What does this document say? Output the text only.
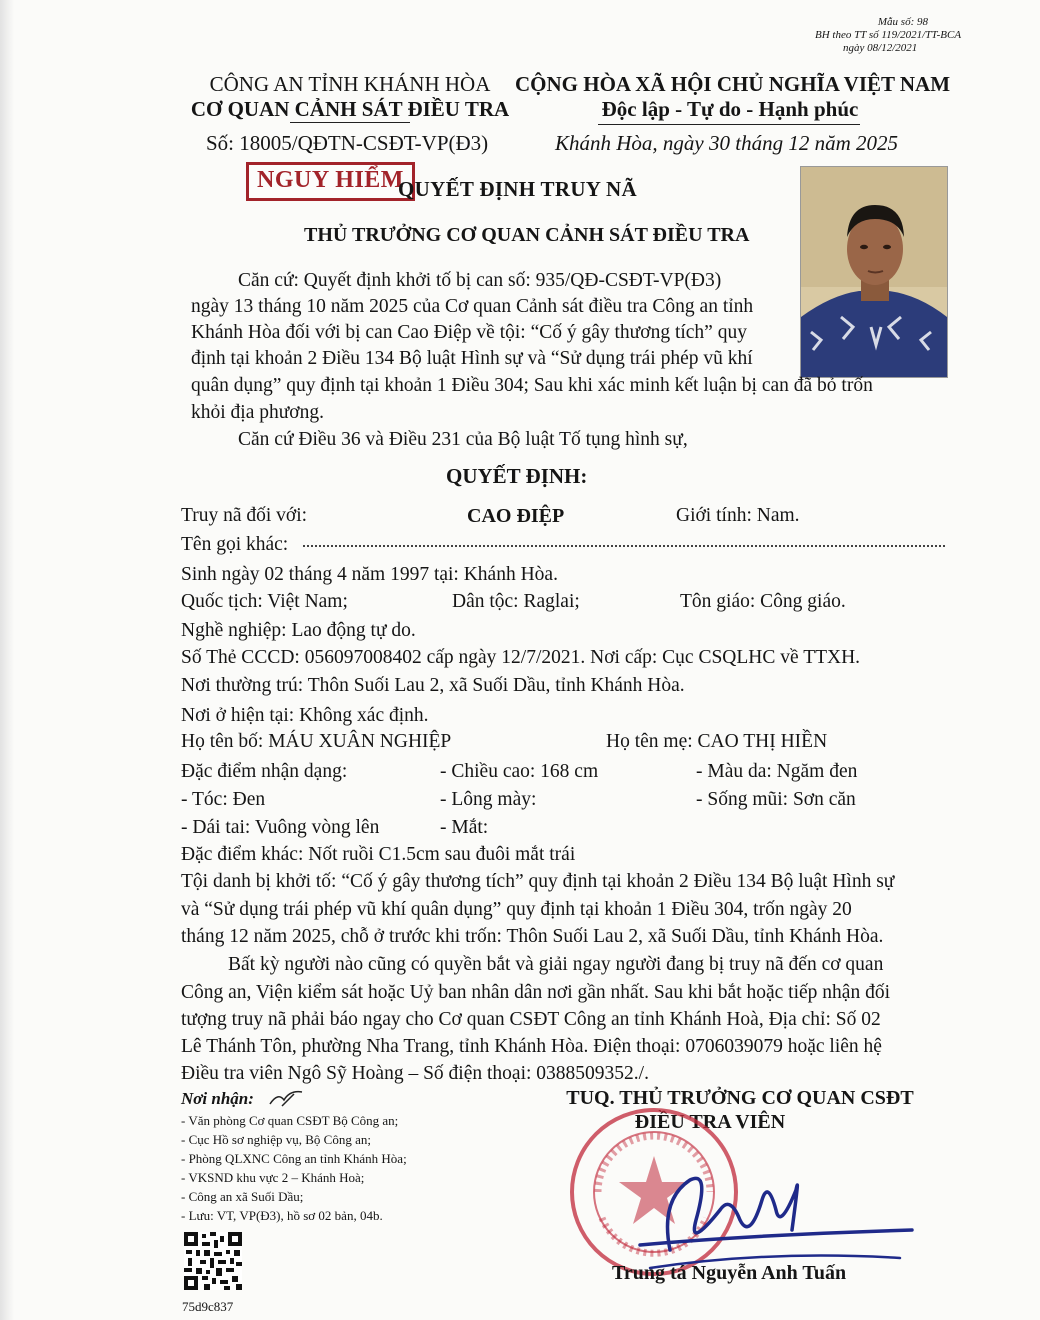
Mẫu số: 98
BH theo TT số 119/2021/TT-BCA
ngày 08/12/2021
CÔNG AN TỈNH KHÁNH HÒA
CƠ QUAN CẢNH SÁT ĐIỀU TRA
Số: 18005/QĐTN-CSĐT-VP(Đ3)
CỘNG HÒA XÃ HỘI CHỦ NGHĨA VIỆT NAM
Độc lập - Tự do - Hạnh phúc
Khánh Hòa, ngày 30 tháng 12 năm 2025
NGUY HIỂM
QUYẾT ĐỊNH TRUY NÃ
THỦ TRƯỞNG CƠ QUAN CẢNH SÁT ĐIỀU TRA
Căn cứ: Quyết định khởi tố bị can số: 935/QĐ-CSĐT-VP(Đ3)
ngày 13 tháng 10 năm 2025 của Cơ quan Cảnh sát điều tra Công an tỉnh
Khánh Hòa đối với bị can Cao Điệp về tội: “Cố ý gây thương tích” quy
định tại khoản 2 Điều 134 Bộ luật Hình sự và “Sử dụng trái phép vũ khí
quân dụng” quy định tại khoản 1 Điều 304; Sau khi xác minh kết luận bị can đã bỏ trốn
khỏi địa phương.
Căn cứ Điều 36 và Điều 231 của Bộ luật Tố tụng hình sự,
QUYẾT ĐỊNH:
Truy nã đối với:	CAO ĐIỆP	Giới tính: Nam.
Tên gọi khác:
Sinh ngày 02 tháng 4 năm 1997 tại: Khánh Hòa.
Quốc tịch: Việt Nam;	Dân tộc: Raglai;	Tôn giáo: Công giáo.
Nghề nghiệp: Lao động tự do.
Số Thẻ CCCD: 056097008402 cấp ngày 12/7/2021. Nơi cấp: Cục CSQLHC về TTXH.
Nơi thường trú: Thôn Suối Lau 2, xã Suối Dầu, tỉnh Khánh Hòa.
Nơi ở hiện tại: Không xác định.
Họ tên bố: MÁU XUÂN NGHIỆP	Họ tên mẹ: CAO THỊ HIỀN
Đặc điểm nhận dạng:	- Chiều cao: 168 cm	- Màu da: Ngăm đen
- Tóc: Đen	- Lông mày:	- Sống mũi: Sơn căn
- Dái tai: Vuông vòng lên	- Mắt:
Đặc điểm khác: Nốt ruồi C1.5cm sau đuôi mắt trái
Tội danh bị khởi tố: “Cố ý gây thương tích” quy định tại khoản 2 Điều 134 Bộ luật Hình sự
và “Sử dụng trái phép vũ khí quân dụng” quy định tại khoản 1 Điều 304, trốn ngày 20
tháng 12 năm 2025, chỗ ở trước khi trốn: Thôn Suối Lau 2, xã Suối Dầu, tỉnh Khánh Hòa.
Bất kỳ người nào cũng có quyền bắt và giải ngay người đang bị truy nã đến cơ quan
Công an, Viện kiểm sát hoặc Uỷ ban nhân dân nơi gần nhất. Sau khi bắt hoặc tiếp nhận đối
tượng truy nã phải báo ngay cho Cơ quan CSĐT Công an tỉnh Khánh Hoà, Địa chỉ: Số 02
Lê Thánh Tôn, phường Nha Trang, tỉnh Khánh Hòa. Điện thoại: 0706039079 hoặc liên hệ
Điều tra viên Ngô Sỹ Hoàng – Số điện thoại: 0388509352./.
Nơi nhận:
- Văn phòng Cơ quan CSĐT Bộ Công an;
- Cục Hồ sơ nghiệp vụ, Bộ Công an;
- Phòng QLXNC Công an tỉnh Khánh Hòa;
- VKSND khu vực 2 – Khánh Hoà;
- Công an xã Suối Dầu;
- Lưu: VT, VP(Đ3), hồ sơ 02 bản, 04b.
75d9c837
TUQ. THỦ TRƯỞNG CƠ QUAN CSĐT
ĐIỀU TRA VIÊN
Trung tá Nguyễn Anh Tuấn
